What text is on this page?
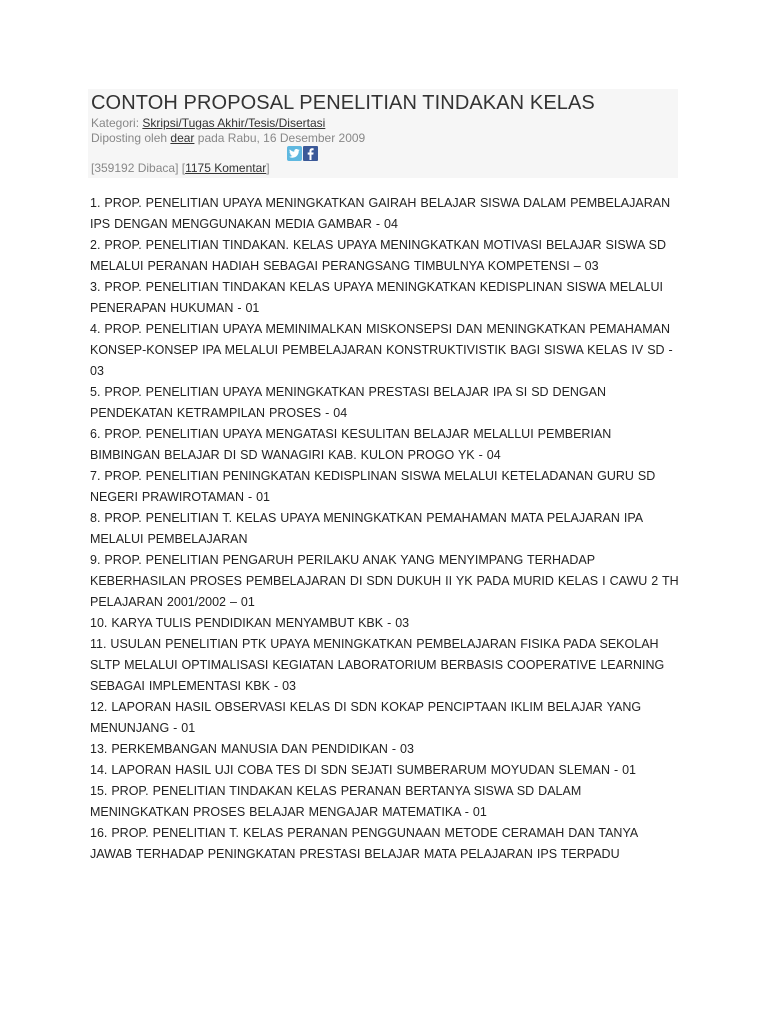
CONTOH PROPOSAL PENELITIAN TINDAKAN KELAS
Kategori: Skripsi/Tugas Akhir/Tesis/Disertasi
Diposting oleh dear pada Rabu, 16 Desember 2009
[359192 Dibaca] [1175 Komentar]
1. PROP. PENELITIAN UPAYA MENINGKATKAN GAIRAH BELAJAR SISWA DALAM PEMBELAJARAN IPS DENGAN MENGGUNAKAN MEDIA GAMBAR - 04
2. PROP. PENELITIAN TINDAKAN. KELAS UPAYA MENINGKATKAN MOTIVASI BELAJAR SISWA SD MELALUI PERANAN HADIAH SEBAGAI PERANGSANG TIMBULNYA KOMPETENSI – 03
3. PROP. PENELITIAN TINDAKAN KELAS UPAYA MENINGKATKAN KEDISPLINAN SISWA MELALUI PENERAPAN HUKUMAN - 01
4. PROP. PENELITIAN UPAYA MEMINIMALKAN MISKONSEPSI DAN MENINGKATKAN PEMAHAMAN KONSEP-KONSEP IPA MELALUI PEMBELAJARAN KONSTRUKTIVISTIK BAGI SISWA KELAS IV SD - 03
5. PROP. PENELITIAN UPAYA MENINGKATKAN PRESTASI BELAJAR IPA SI SD DENGAN PENDEKATAN KETRAMPILAN PROSES - 04
6. PROP. PENELITIAN UPAYA MENGATASI KESULITAN BELAJAR MELALLUI PEMBERIAN BIMBINGAN BELAJAR DI SD WANAGIRI KAB. KULON PROGO YK - 04
7. PROP. PENELITIAN PENINGKATAN KEDISPLINAN SISWA MELALUI KETELADANAN GURU SD NEGERI PRAWIROTAMAN - 01
8. PROP. PENELITIAN T. KELAS UPAYA MENINGKATKAN PEMAHAMAN MATA PELAJARAN IPA MELALUI PEMBELAJARAN
9. PROP. PENELITIAN PENGARUH PERILAKU ANAK YANG MENYIMPANG TERHADAP KEBERHASILAN PROSES PEMBELAJARAN DI SDN DUKUH II YK PADA MURID KELAS I CAWU 2 TH PELAJARAN 2001/2002 – 01
10. KARYA TULIS PENDIDIKAN MENYAMBUT KBK - 03
11. USULAN PENELITIAN PTK UPAYA MENINGKATKAN PEMBELAJARAN FISIKA PADA SEKOLAH SLTP MELALUI OPTIMALISASI KEGIATAN LABORATORIUM BERBASIS COOPERATIVE LEARNING SEBAGAI IMPLEMENTASI KBK - 03
12. LAPORAN HASIL OBSERVASI KELAS DI SDN KOKAP PENCIPTAAN IKLIM BELAJAR YANG MENUNJANG - 01
13. PERKEMBANGAN MANUSIA DAN PENDIDIKAN - 03
14. LAPORAN HASIL UJI COBA TES DI SDN SEJATI SUMBERARUM MOYUDAN SLEMAN - 01
15. PROP. PENELITIAN TINDAKAN KELAS PERANAN BERTANYA SISWA SD DALAM MENINGKATKAN PROSES BELAJAR MENGAJAR MATEMATIKA - 01
16. PROP. PENELITIAN T. KELAS PERANAN PENGGUNAAN METODE CERAMAH DAN TANYA JAWAB TERHADAP PENINGKATAN PRESTASI BELAJAR MATA PELAJARAN IPS TERPADU
